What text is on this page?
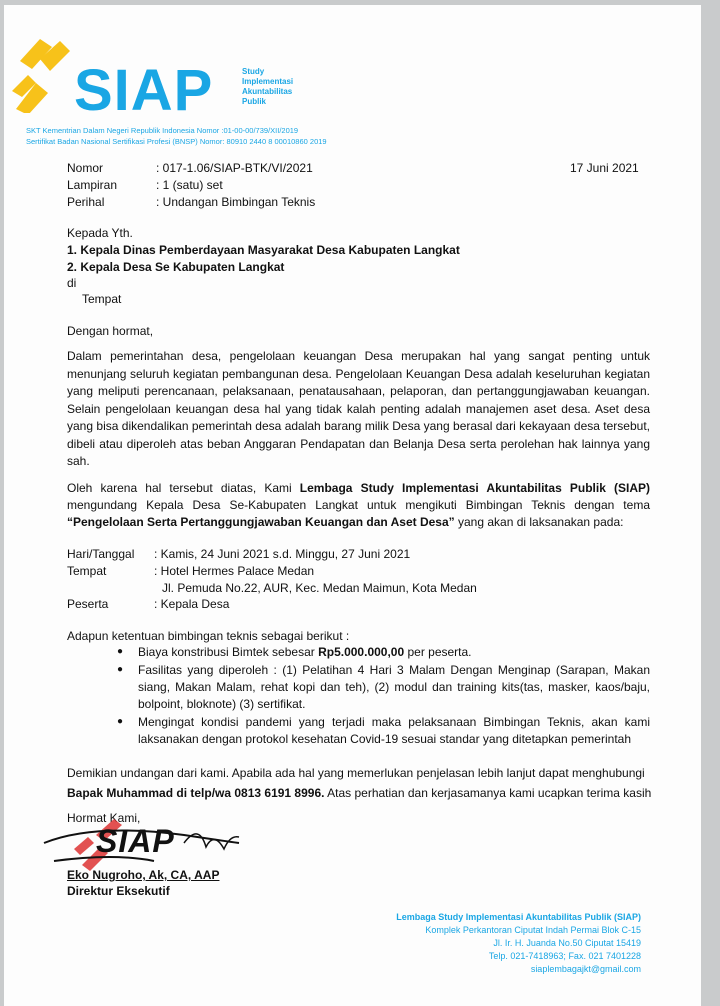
SIAP	Study
Implementasi
Akuntabilitas
Publik
SKT Kementrian Dalam Negeri Republik Indonesia Nomor :01-00-00/739/XII/2019
Sertifikat Badan Nasional Sertifikasi Profesi (BNSP) Nomor: 80910 2440 8 00010860 2019
Nomor	: 017-1.06/SIAP-BTK/VI/2021	17 Juni 2021
Lampiran	: 1 (satu) set
Perihal	: Undangan Bimbingan Teknis
Kepada Yth.
1. Kepala Dinas Pemberdayaan Masyarakat Desa Kabupaten Langkat
2. Kepala Desa Se Kabupaten Langkat
di
Tempat
Dengan hormat,
Dalam pemerintahan desa, pengelolaan keuangan Desa merupakan hal yang sangat penting untuk menunjang seluruh kegiatan pembangunan desa. Pengelolaan Keuangan Desa adalah keseluruhan kegiatan yang meliputi perencanaan, pelaksanaan, penatausahaan, pelaporan, dan pertanggungjawaban keuangan. Selain pengelolaan keuangan desa hal yang tidak kalah penting adalah manajemen aset desa. Aset desa yang bisa dikendalikan pemerintah desa adalah barang milik Desa yang berasal dari kekayaan desa tersebut, dibeli atau diperoleh atas beban Anggaran Pendapatan dan Belanja Desa serta perolehan hak lainnya yang sah.
Oleh karena hal tersebut diatas, Kami Lembaga Study Implementasi Akuntabilitas Publik (SIAP) mengundang Kepala Desa Se-Kabupaten Langkat untuk mengikuti Bimbingan Teknis dengan tema “Pengelolaan Serta Pertanggungjawaban Keuangan dan Aset Desa” yang akan di laksanakan pada:
Hari/Tanggal : Kamis, 24 Juni 2021 s.d. Minggu, 27 Juni 2021
Tempat	: Hotel Hermes Palace Medan
Jl. Pemuda No.22, AUR, Kec. Medan Maimun, Kota Medan
Peserta	: Kepala Desa
Adapun ketentuan bimbingan teknis sebagai berikut :
● Biaya konstribusi Bimtek sebesar Rp5.000.000,00 per peserta.
● Fasilitas yang diperoleh : (1) Pelatihan 4 Hari 3 Malam Dengan Menginap (Sarapan, Makan siang, Makan Malam, rehat kopi dan teh), (2) modul dan training kits(tas, masker, kaos/baju, bolpoint, bloknote) (3) sertifikat.
● Mengingat kondisi pandemi yang terjadi maka pelaksanaan Bimbingan Teknis, akan kami laksanakan dengan protokol kesehatan Covid-19 sesuai standar yang ditetapkan pemerintah
Demikian undangan dari kami. Apabila ada hal yang memerlukan penjelasan lebih lanjut dapat menghubungi Bapak Muhammad di telp/wa 0813 6191 8996. Atas perhatian dan kerjasamanya kami ucapkan terima kasih
Hormat Kami,
SIAP
Eko Nugroho, Ak, CA, AAP
Direktur Eksekutif
Lembaga Study Implementasi Akuntabilitas Publik (SIAP)
Komplek Perkantoran Ciputat Indah Permai Blok C-15
Jl. Ir. H. Juanda No.50 Ciputat 15419
Telp. 021-7418963; Fax. 021 7401228
siaplembagajkt@gmail.com
